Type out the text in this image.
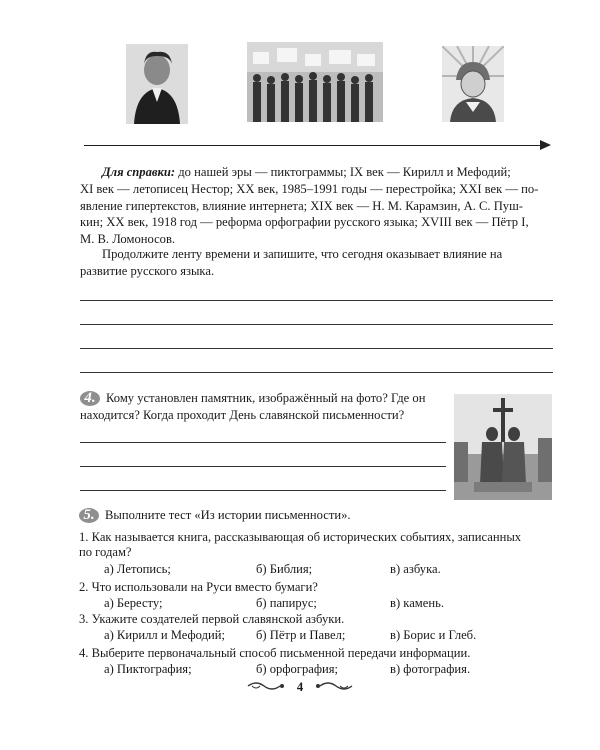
Для справки: до нашей эры — пиктограммы; IX век — Кирилл и Мефодий;
XI век — летописец Нестор; XX век, 1985–1991 годы — перестройка; XXI век — по-
явление гипертекстов, влияние интернета; XIX век — Н. М. Карамзин, А. С. Пуш-
кин; XX век, 1918 год — реформа орфографии русского языка; XVIII век — Пётр I,
М. В. Ломоносов.
Продолжите ленту времени и запишите, что сегодня оказывает влияние на
развитие русского языка.
4. Кому установлен памятник, изображённый на фото? Где он
находится? Когда проходит День славянской письменности?
5. Выполните тест «Из истории письменности».
1. Как называется книга, рассказывающая об исторических событиях, записанных
по годам?
а) Летопись;	б) Библия;	в) азбука.
2. Что использовали на Руси вместо бумаги?
а) Бересту;	б) папирус;	в) камень.
3. Укажите создателей первой славянской азбуки.
а) Кирилл и Мефодий; б) Пётр и Павел;	в) Борис и Глеб.
4. Выберите первоначальный способ письменной передачи информации.
а) Пиктография;	б) орфография;	в) фотография.
4
